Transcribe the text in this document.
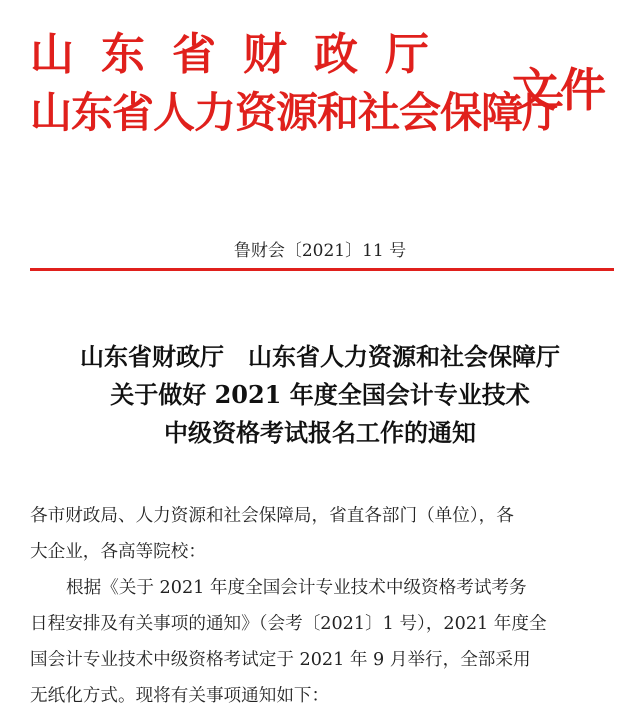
山东省财政厅
山东省人力资源和社会保障厅
文件
鲁财会〔2021〕11 号
山东省财政厅 山东省人力资源和社会保障厅
关于做好 2021 年度全国会计专业技术
中级资格考试报名工作的通知
各市财政局、人力资源和社会保障局，省直各部门（单位），各
大企业，各高等院校：
根据《关于 2021 年度全国会计专业技术中级资格考试考务
日程安排及有关事项的通知》（会考〔2021〕1 号），2021 年度全
国会计专业技术中级资格考试定于 2021 年 9 月举行，全部采用
无纸化方式。现将有关事项通知如下：
